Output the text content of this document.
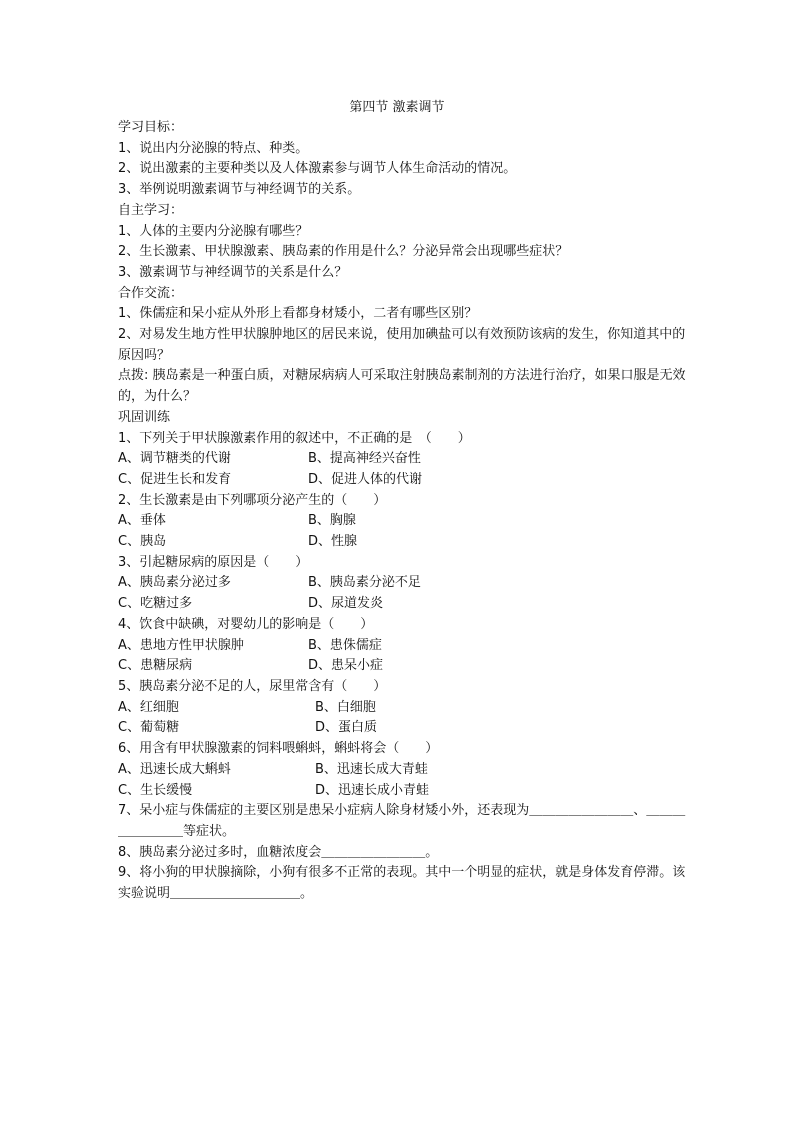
第四节 激素调节
学习目标：
1、说出内分泌腺的特点、种类。
2、说出激素的主要种类以及人体激素参与调节人体生命活动的情况。
3、举例说明激素调节与神经调节的关系。
自主学习：
1、人体的主要内分泌腺有哪些？
2、生长激素、甲状腺激素、胰岛素的作用是什么？分泌异常会出现哪些症状？
3、激素调节与神经调节的关系是什么？
合作交流：
1、侏儒症和呆小症从外形上看都身材矮小，二者有哪些区别？
2、对易发生地方性甲状腺肿地区的居民来说，使用加碘盐可以有效预防该病的发生，你知道其中的原因吗？
点拨: 胰岛素是一种蛋白质，对糖尿病病人可采取注射胰岛素制剂的方法进行治疗，如果口服是无效的，为什么？
巩固训练
1、下列关于甲状腺激素作用的叙述中，不正确的是　（　　）
A、调节糖类的代谢	B、提高神经兴奋性
C、促进生长和发育	D、促进人体的代谢
2、生长激素是由下列哪项分泌产生的（　　）
A、垂体	B、胸腺
C、胰岛	D、性腺
3、引起糖尿病的原因是（　　）
A、胰岛素分泌过多	B、胰岛素分泌不足
C、吃糖过多	D、尿道发炎
4、饮食中缺碘，对婴幼儿的影响是（　　）
A、患地方性甲状腺肿	B、患侏儒症
C、患糖尿病	D、患呆小症
5、胰岛素分泌不足的人，尿里常含有（　　）
A、红细胞	B、白细胞
C、葡萄糖	D、蛋白质
6、用含有甲状腺激素的饲料喂蝌蚪，蝌蚪将会（　　）
A、迅速长成大蝌蚪	B、迅速长成大青蛙
C、生长缓慢	D、迅速长成小青蛙
7、呆小症与侏儒症的主要区别是患呆小症病人除身材矮小外，还表现为＿＿＿＿＿＿＿＿、＿＿＿＿＿＿＿＿等症状。
8、胰岛素分泌过多时，血糖浓度会＿＿＿＿＿＿＿＿。
9、将小狗的甲状腺摘除，小狗有很多不正常的表现。其中一个明显的症状，就是身体发育停滞。该实验说明＿＿＿＿＿＿＿＿＿＿。
